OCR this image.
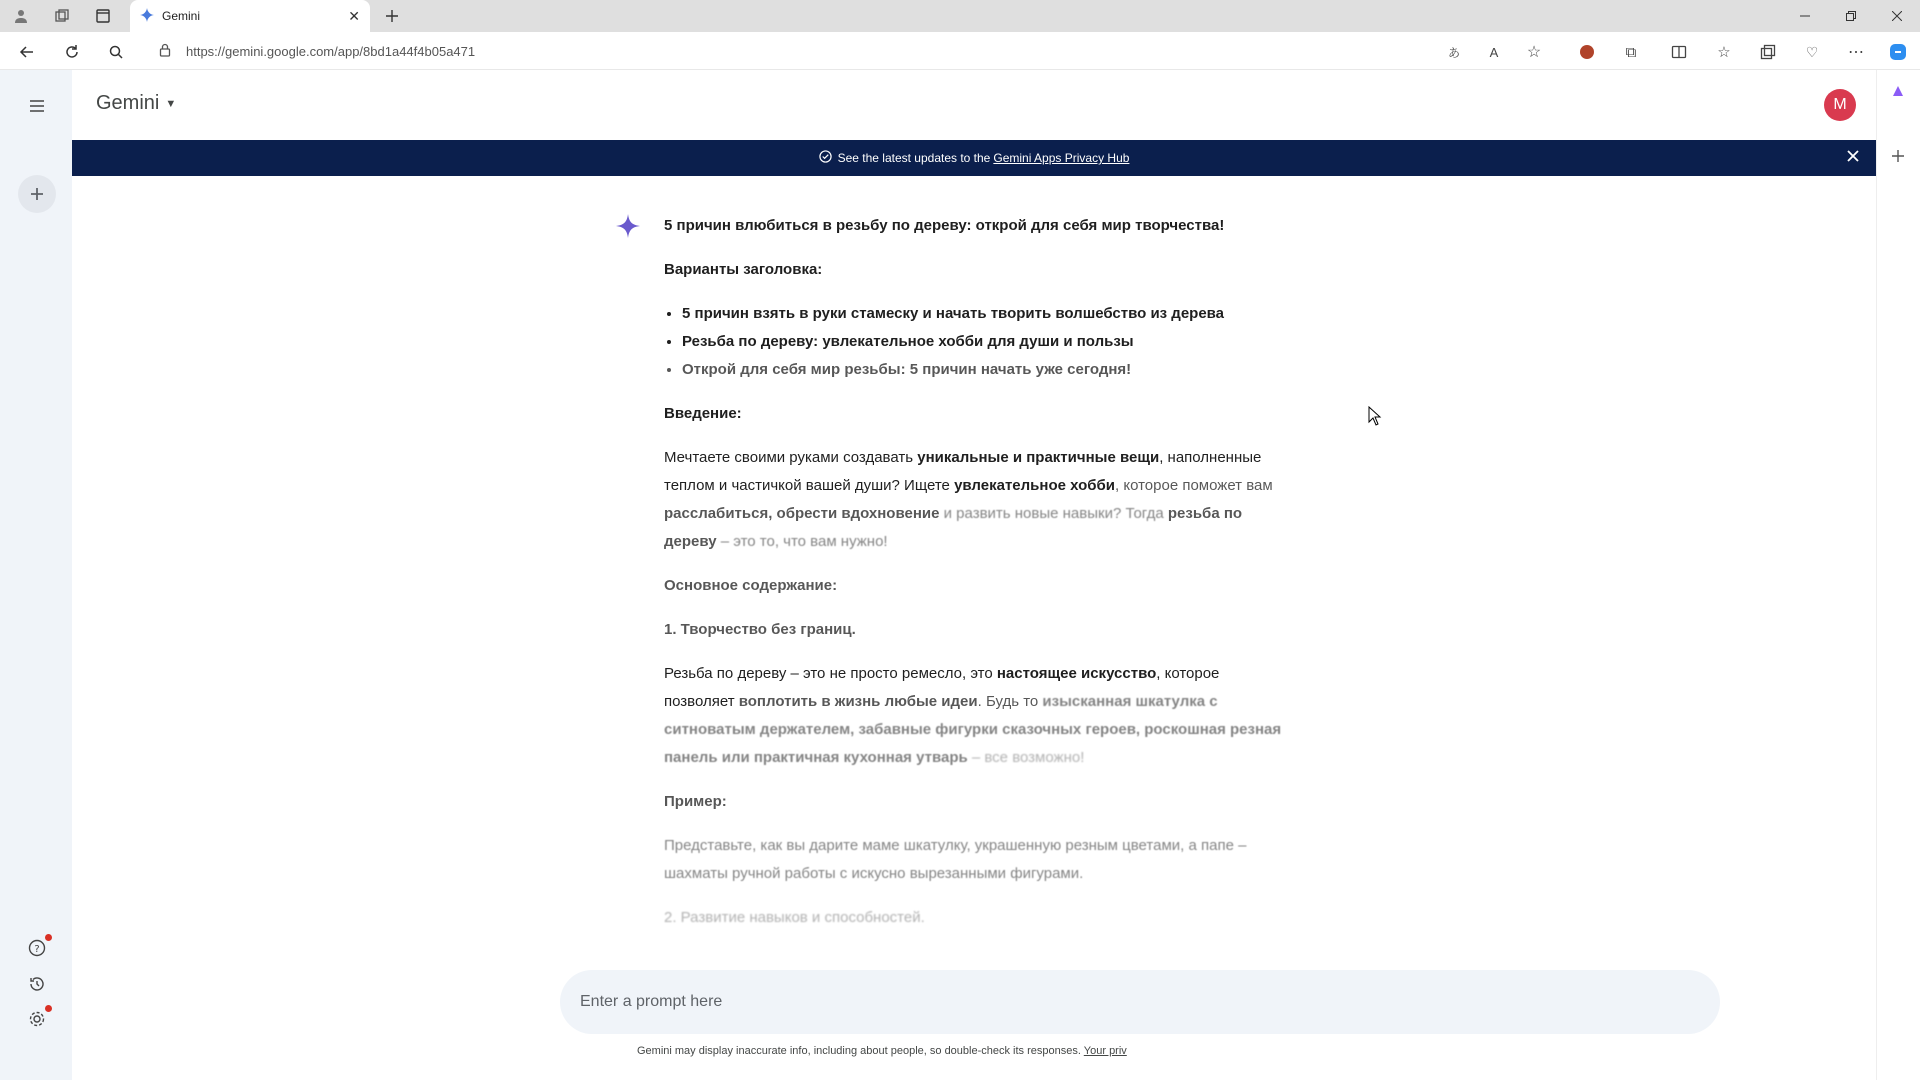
Gemini	✕
https://gemini.google.com/app/8bd1a44f4b05a471	あ A ☆	⧉	☆	♡ ⋯
?
Gemini ▼	M
See the latest updates to the Gemini Apps Privacy Hub

5 причин влюбиться в резьбу по дереву: открой для себя мир творчества!

Варианты заголовка:

• 5 причин взять в руки стамеску и начать творить волшебство из дерева
• Резьба по дереву: увлекательное хобби для души и пользы
• Открой для себя мир резьбы: 5 причин начать уже сегодня!

Введение:

Мечтаете своими руками создавать уникальные и практичные вещи, наполненные теплом и частичкой вашей души? Ищете увлекательное хобби, которое поможет вам расслабиться, обрести вдохновение и развить новые навыки? Тогда резьба по дереву – это то, что вам нужно!

Основное содержание:

1. Творчество без границ.

Резьба по дереву – это не просто ремесло, это настоящее искусство, которое позволяет воплотить в жизнь любые идеи. Будь то изысканная шкатулка с ситноватым держателем, забавные фигурки сказочных героев, роскошная резная панель или практичная кухонная утварь – все возможно!

Пример:

Представьте, как вы дарите маме шкатулку, украшенную резным цветами, а папе – шахматы ручной работы с искусно вырезанными фигурами.

2. Развитие навыков и способностей.

Enter a prompt here
Gemini may display inaccurate info, including about people, so double-check its responses. Your priv
